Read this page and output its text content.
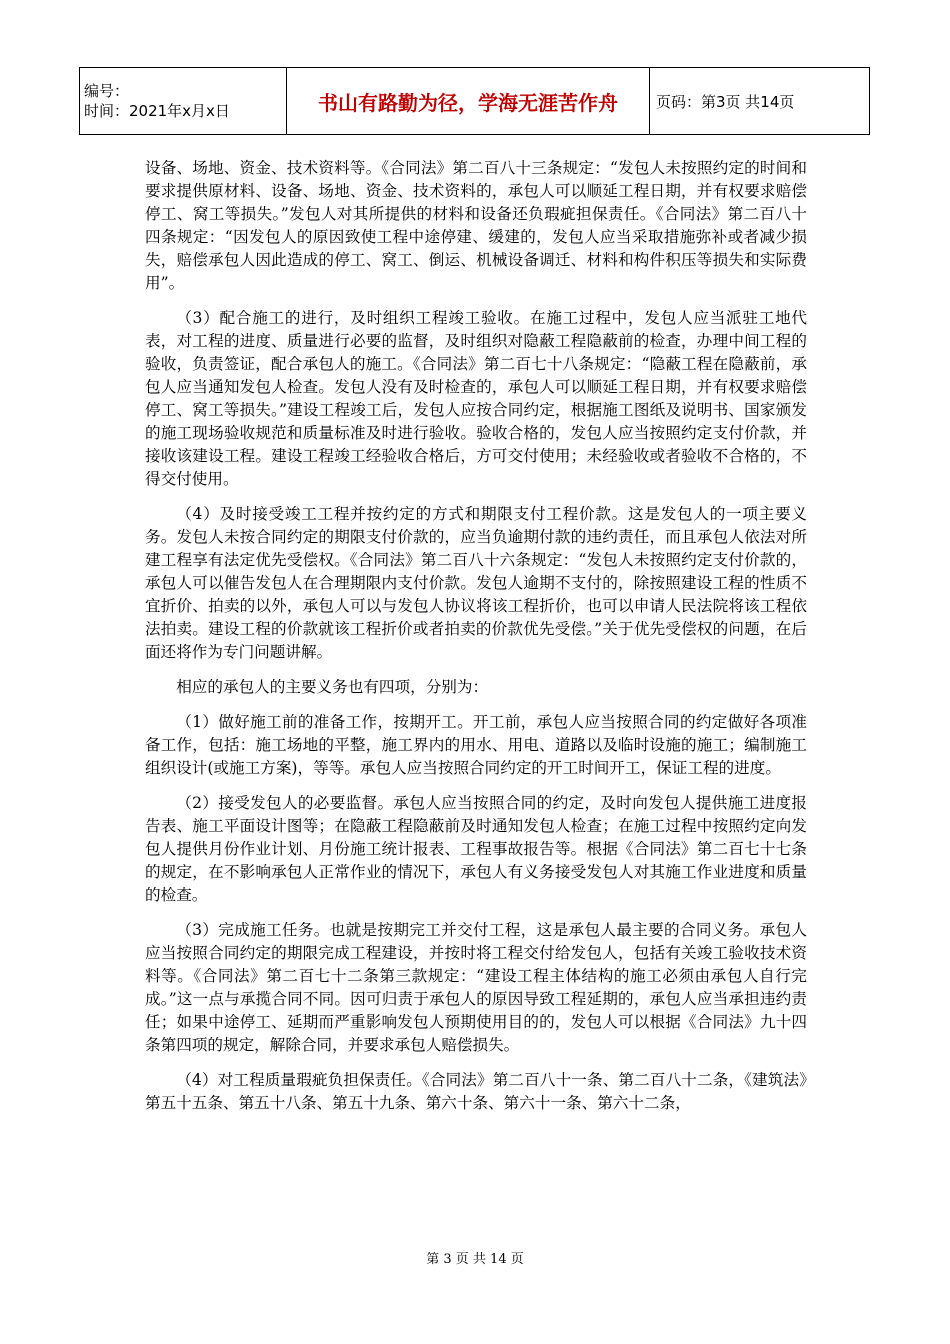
编号：
时间：2021年x月x日	书山有路勤为径，学海无涯苦作舟	页码：第3页 共14页

设备、场地、资金、技术资料等。《合同法》第二百八十三条规定：“发包人未按照约定的时间和要求提供原材料、设备、场地、资金、技术资料的，承包人可以顺延工程日期，并有权要求赔偿停工、窝工等损失。”发包人对其所提供的材料和设备还负瑕疵担保责任。《合同法》第二百八十四条规定：“因发包人的原因致使工程中途停建、缓建的，发包人应当采取措施弥补或者减少损失，赔偿承包人因此造成的停工、窝工、倒运、机械设备调迁、材料和构件积压等损失和实际费用”。

（3）配合施工的进行，及时组织工程竣工验收。在施工过程中，发包人应当派驻工地代表，对工程的进度、质量进行必要的监督，及时组织对隐蔽工程隐蔽前的检查，办理中间工程的验收，负责签证，配合承包人的施工。《合同法》第二百七十八条规定：“隐蔽工程在隐蔽前，承包人应当通知发包人检查。发包人没有及时检查的，承包人可以顺延工程日期，并有权要求赔偿停工、窝工等损失。”建设工程竣工后，发包人应按合同约定，根据施工图纸及说明书、国家颁发的施工现场验收规范和质量标准及时进行验收。验收合格的，发包人应当按照约定支付价款，并接收该建设工程。建设工程竣工经验收合格后，方可交付使用；未经验收或者验收不合格的，不得交付使用。

（4）及时接受竣工工程并按约定的方式和期限支付工程价款。这是发包人的一项主要义务。发包人未按合同约定的期限支付价款的，应当负逾期付款的违约责任，而且承包人依法对所建工程享有法定优先受偿权。《合同法》第二百八十六条规定：“发包人未按照约定支付价款的，承包人可以催告发包人在合理期限内支付价款。发包人逾期不支付的，除按照建设工程的性质不宜折价、拍卖的以外，承包人可以与发包人协议将该工程折价，也可以申请人民法院将该工程依法拍卖。建设工程的价款就该工程折价或者拍卖的价款优先受偿。”关于优先受偿权的问题，在后面还将作为专门问题讲解。

相应的承包人的主要义务也有四项，分别为：

（1）做好施工前的准备工作，按期开工。开工前，承包人应当按照合同的约定做好各项准备工作，包括：施工场地的平整，施工界内的用水、用电、道路以及临时设施的施工；编制施工组织设计(或施工方案)，等等。承包人应当按照合同约定的开工时间开工，保证工程的进度。

（2）接受发包人的必要监督。承包人应当按照合同的约定，及时向发包人提供施工进度报告表、施工平面设计图等；在隐蔽工程隐蔽前及时通知发包人检查；在施工过程中按照约定向发包人提供月份作业计划、月份施工统计报表、工程事故报告等。根据《合同法》第二百七十七条的规定，在不影响承包人正常作业的情况下，承包人有义务接受发包人对其施工作业进度和质量的检查。

（3）完成施工任务。也就是按期完工并交付工程，这是承包人最主要的合同义务。承包人应当按照合同约定的期限完成工程建设，并按时将工程交付给发包人，包括有关竣工验收技术资料等。《合同法》第二百七十二条第三款规定：“建设工程主体结构的施工必须由承包人自行完成。”这一点与承揽合同不同。因可归责于承包人的原因导致工程延期的，承包人应当承担违约责任；如果中途停工、延期而严重影响发包人预期使用目的的，发包人可以根据《合同法》九十四条第四项的规定，解除合同，并要求承包人赔偿损失。

（4）对工程质量瑕疵负担保责任。《合同法》第二百八十一条、第二百八十二条，《建筑法》第五十五条、第五十八条、第五十九条、第六十条、第六十一条、第六十二条，

第 3 页 共 14 页
